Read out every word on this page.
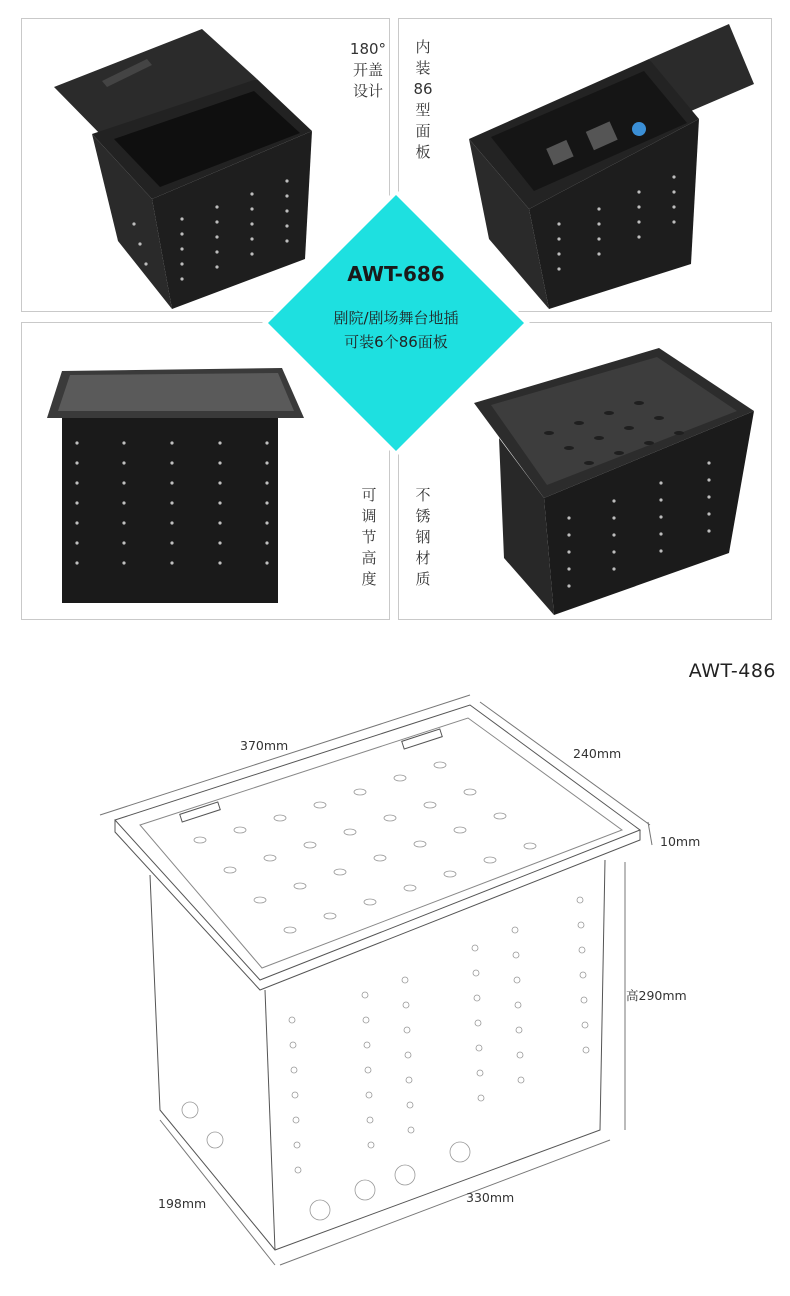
180°开盖设计
内装86型面板
可调节高度
不锈钢材质
AWT-686
剧院/剧场舞台地插
可装6个86面板
AWT-486
370mm
240mm
10mm
高290mm
198mm	330mm
